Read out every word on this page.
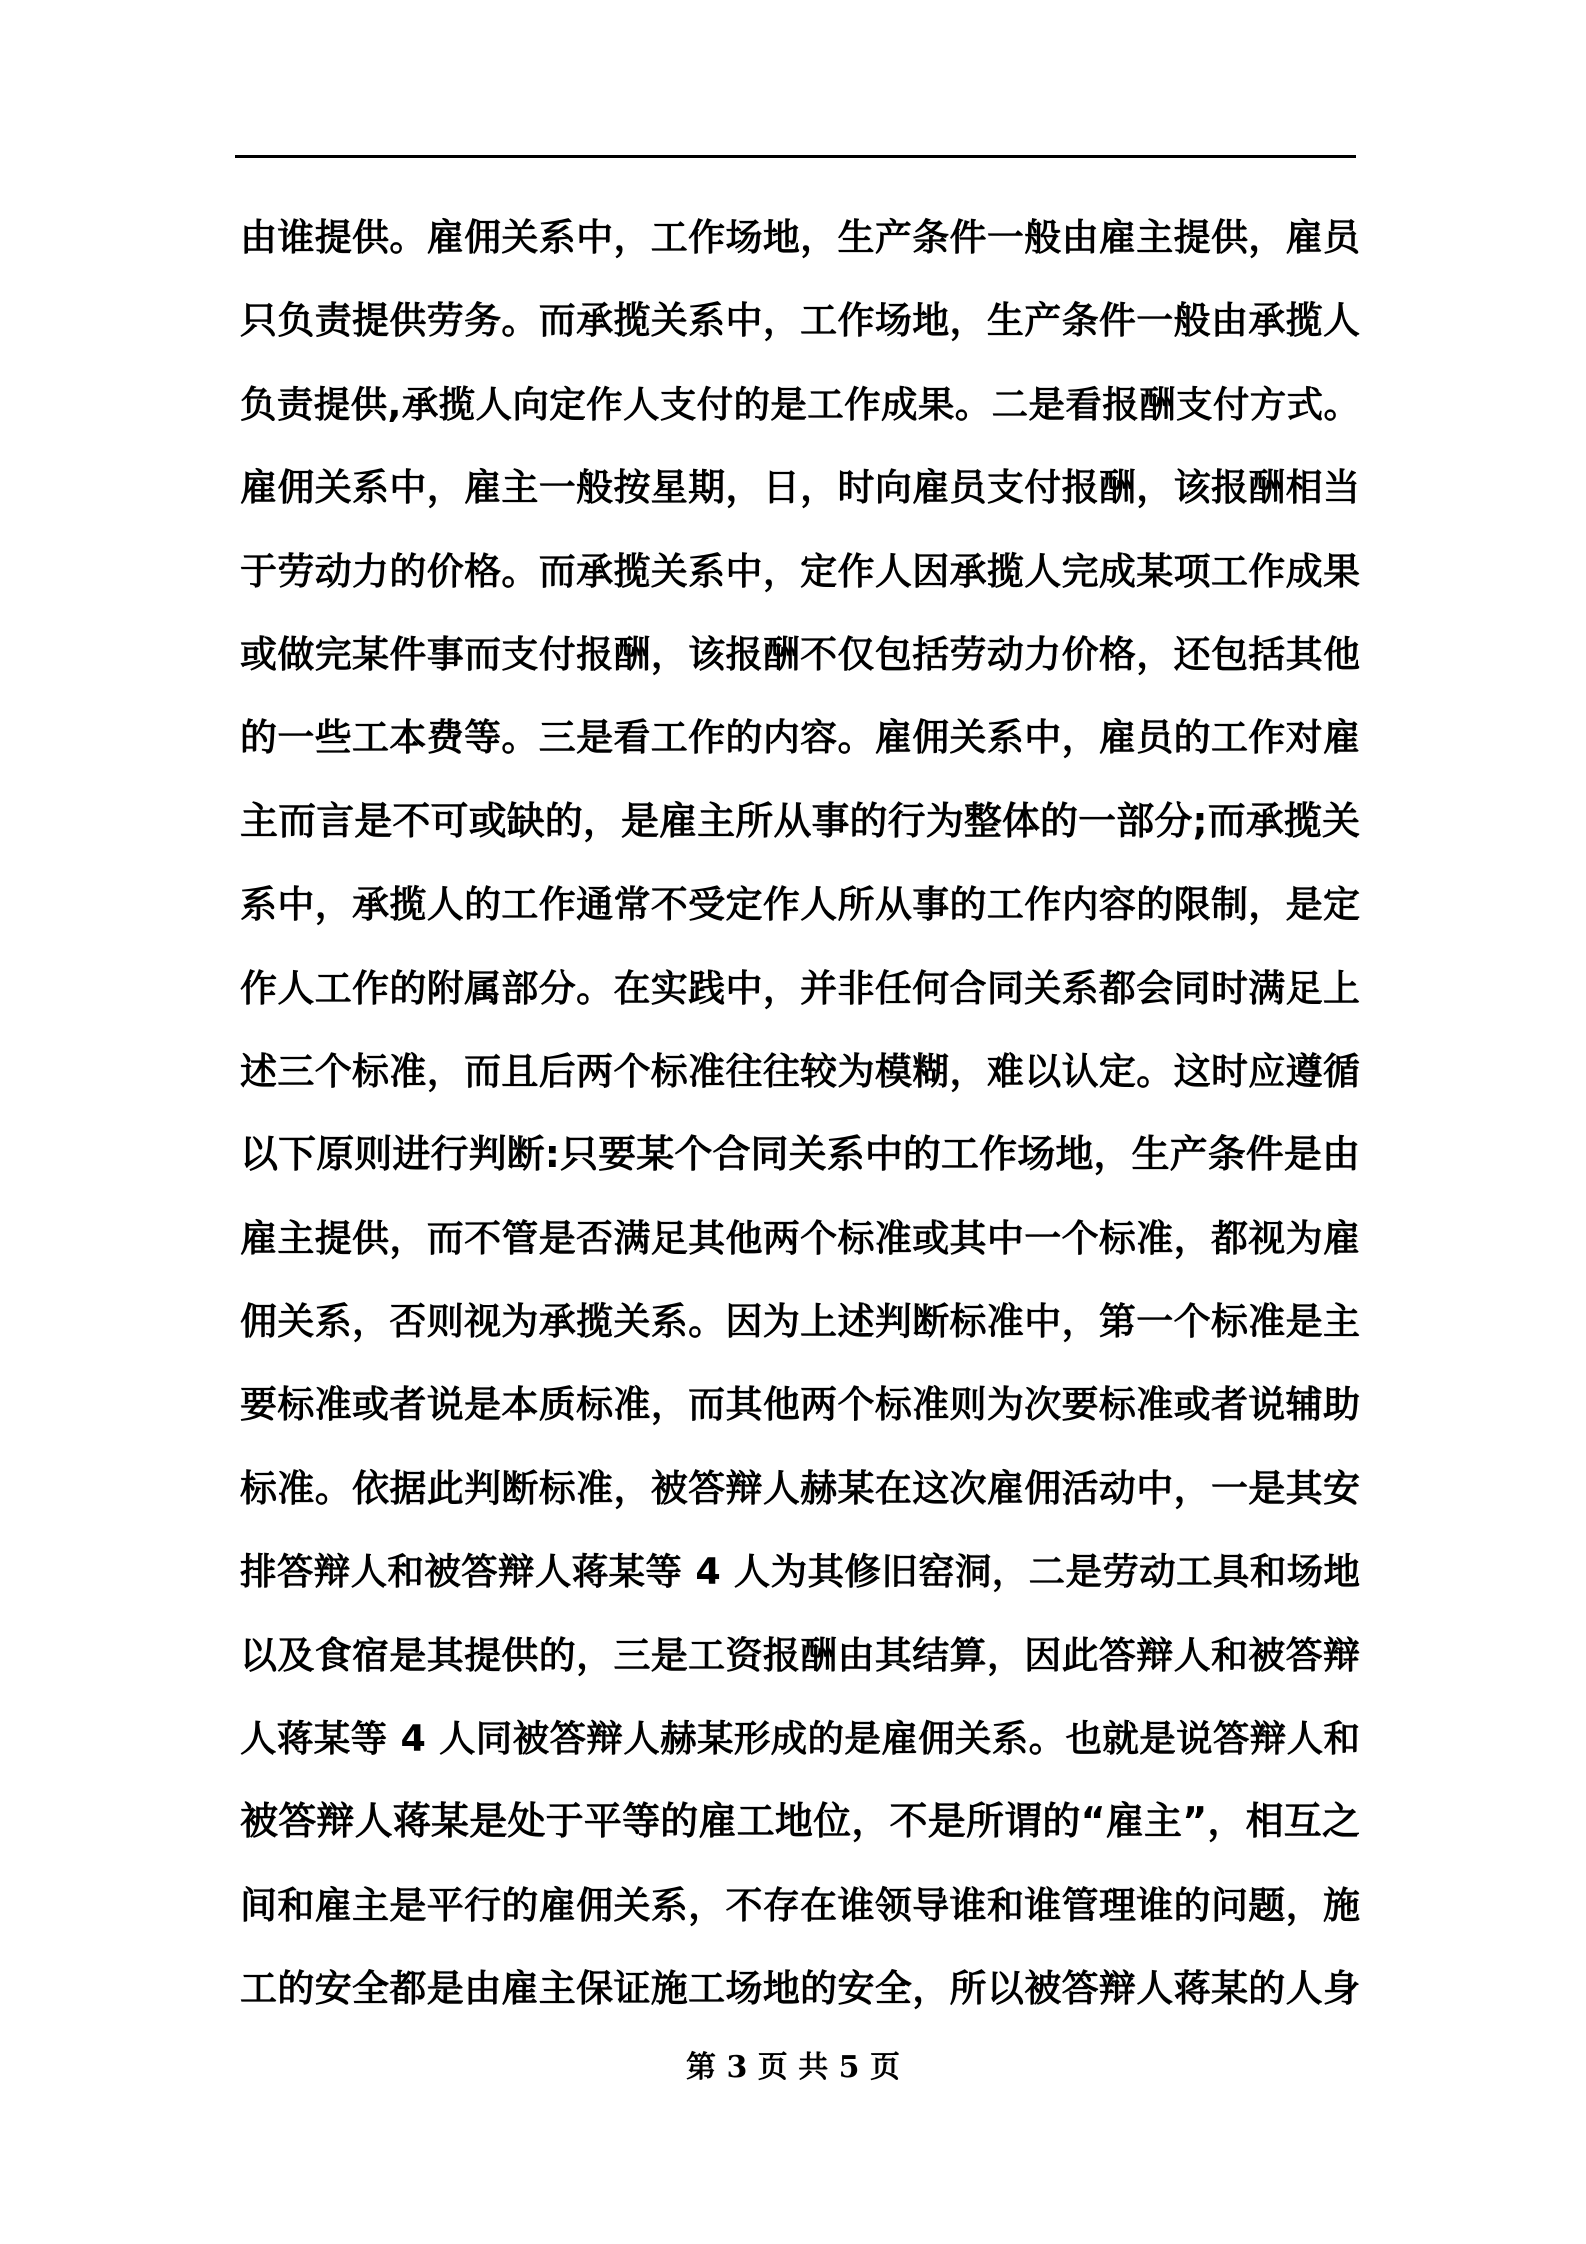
由谁提供。雇佣关系中，工作场地，生产条件一般由雇主提供，雇员
只负责提供劳务。而承揽关系中，工作场地，生产条件一般由承揽人
负责提供,承揽人向定作人支付的是工作成果。二是看报酬支付方式。
雇佣关系中，雇主一般按星期，日，时向雇员支付报酬，该报酬相当
于劳动力的价格。而承揽关系中，定作人因承揽人完成某项工作成果
或做完某件事而支付报酬，该报酬不仅包括劳动力价格，还包括其他
的一些工本费等。三是看工作的内容。雇佣关系中，雇员的工作对雇
主而言是不可或缺的，是雇主所从事的行为整体的一部分;而承揽关
系中，承揽人的工作通常不受定作人所从事的工作内容的限制，是定
作人工作的附属部分。在实践中，并非任何合同关系都会同时满足上
述三个标准，而且后两个标准往往较为模糊，难以认定。这时应遵循
以下原则进行判断:只要某个合同关系中的工作场地，生产条件是由
雇主提供，而不管是否满足其他两个标准或其中一个标准，都视为雇
佣关系，否则视为承揽关系。因为上述判断标准中，第一个标准是主
要标准或者说是本质标准，而其他两个标准则为次要标准或者说辅助
标准。依据此判断标准，被答辩人赫某在这次雇佣活动中，一是其安
排答辩人和被答辩人蒋某等 4 人为其修旧窑洞，二是劳动工具和场地
以及食宿是其提供的，三是工资报酬由其结算，因此答辩人和被答辩
人蒋某等 4 人同被答辩人赫某形成的是雇佣关系。也就是说答辩人和
被答辩人蒋某是处于平等的雇工地位，不是所谓的“雇主”，相互之
间和雇主是平行的雇佣关系，不存在谁领导谁和谁管理谁的问题，施
工的安全都是由雇主保证施工场地的安全，所以被答辩人蒋某的人身
第 3 页 共 5 页
